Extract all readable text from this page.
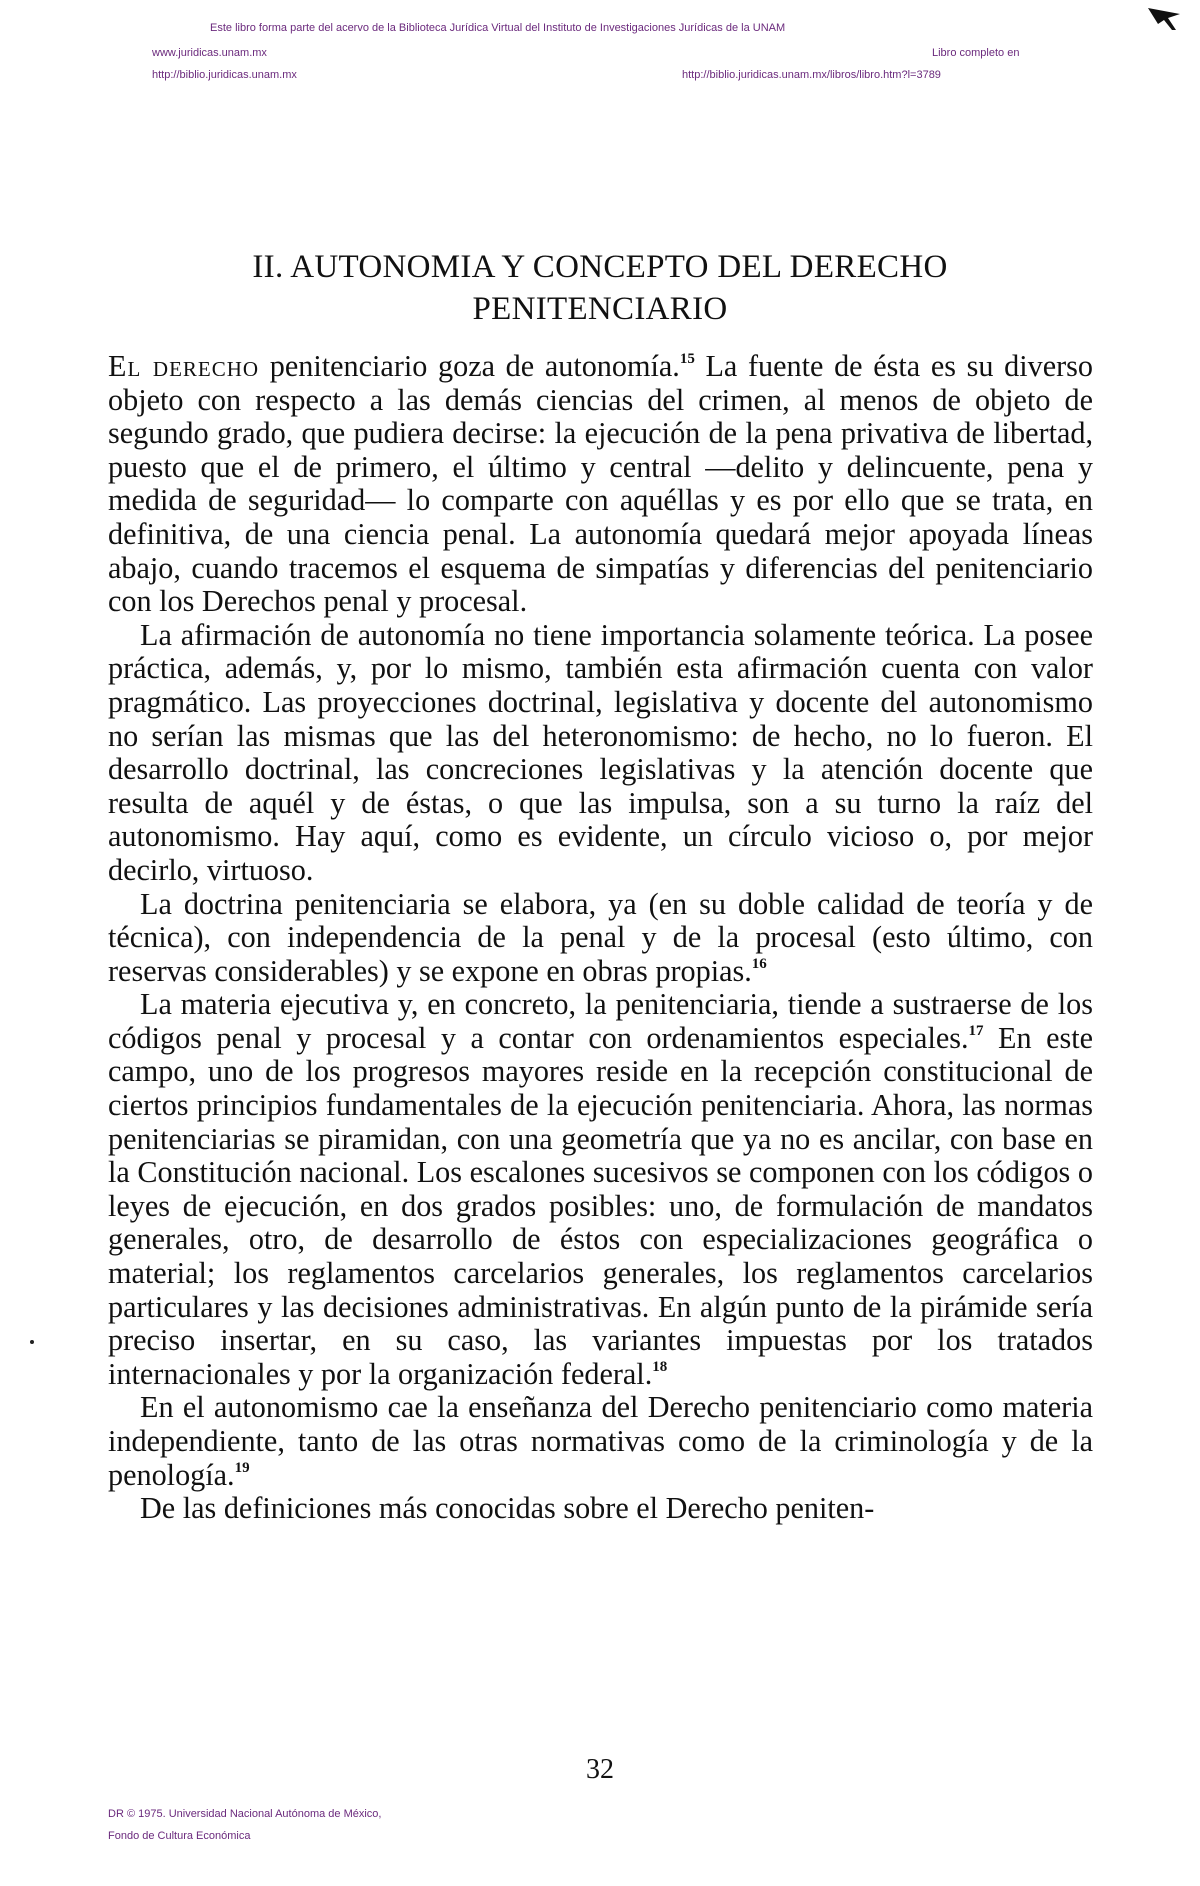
Este libro forma parte del acervo de la Biblioteca Jurídica Virtual del Instituto de Investigaciones Jurídicas de la UNAM
www.juridicas.unam.mx
http://biblio.juridicas.unam.mx
Libro completo en
http://biblio.juridicas.unam.mx/libros/libro.htm?l=3789
II. AUTONOMIA Y CONCEPTO DEL DERECHO
PENITENCIARIO

El derecho penitenciario goza de autonomía.$^{15}$ La fuente de ésta es su diverso objeto con respecto a las demás ciencias del crimen, al menos de objeto de segundo grado, que pudiera decirse: la ejecución de la pena privativa de libertad, puesto que el de primero, el último y central —delito y delincuente, pena y medida de seguridad— lo comparte con aquéllas y es por ello que se trata, en definitiva, de una ciencia penal. La autonomía quedará mejor apoyada líneas abajo, cuando tracemos el esquema de simpatías y diferencias del penitenciario con los Derechos penal y procesal.

La afirmación de autonomía no tiene importancia solamente teórica. La posee práctica, además, y, por lo mismo, también esta afirmación cuenta con valor pragmático. Las proyecciones doctrinal, legislativa y docente del autonomismo no serían las mismas que las del heteronomismo: de hecho, no lo fueron. El desarrollo doctrinal, las concreciones legislativas y la atención docente que resulta de aquél y de éstas, o que las impulsa, son a su turno la raíz del autonomismo. Hay aquí, como es evidente, un círculo vicioso o, por mejor decirlo, virtuoso.

La doctrina penitenciaria se elabora, ya (en su doble calidad de teoría y de técnica), con independencia de la penal y de la procesal (esto último, con reservas considerables) y se expone en obras propias.$^{16}$

La materia ejecutiva y, en concreto, la penitenciaria, tiende a sustraerse de los códigos penal y procesal y a contar con ordenamientos especiales.$^{17}$ En este campo, uno de los progresos mayores reside en la recepción constitucional de ciertos principios fundamentales de la ejecución penitenciaria. Ahora, las normas penitenciarias se piramidan, con una geometría que ya no es ancilar, con base en la Constitución nacional. Los escalones sucesivos se componen con los códigos o leyes de ejecución, en dos grados posibles: uno, de formulación de mandatos generales, otro, de desarrollo de éstos con especializaciones geográfica o material; los reglamentos carcelarios generales, los reglamentos carcelarios particulares y las decisiones administrativas. En algún punto de la pirámide sería preciso insertar, en su caso, las variantes impuestas por los tratados internacionales y por la organización federal.$^{18}$

En el autonomismo cae la enseñanza del Derecho penitenciario como materia independiente, tanto de las otras normativas como de la criminología y de la penología.$^{19}$

De las definiciones más conocidas sobre el Derecho peniten-

32
DR © 1975. Universidad Nacional Autónoma de México,
Fondo de Cultura Económica
